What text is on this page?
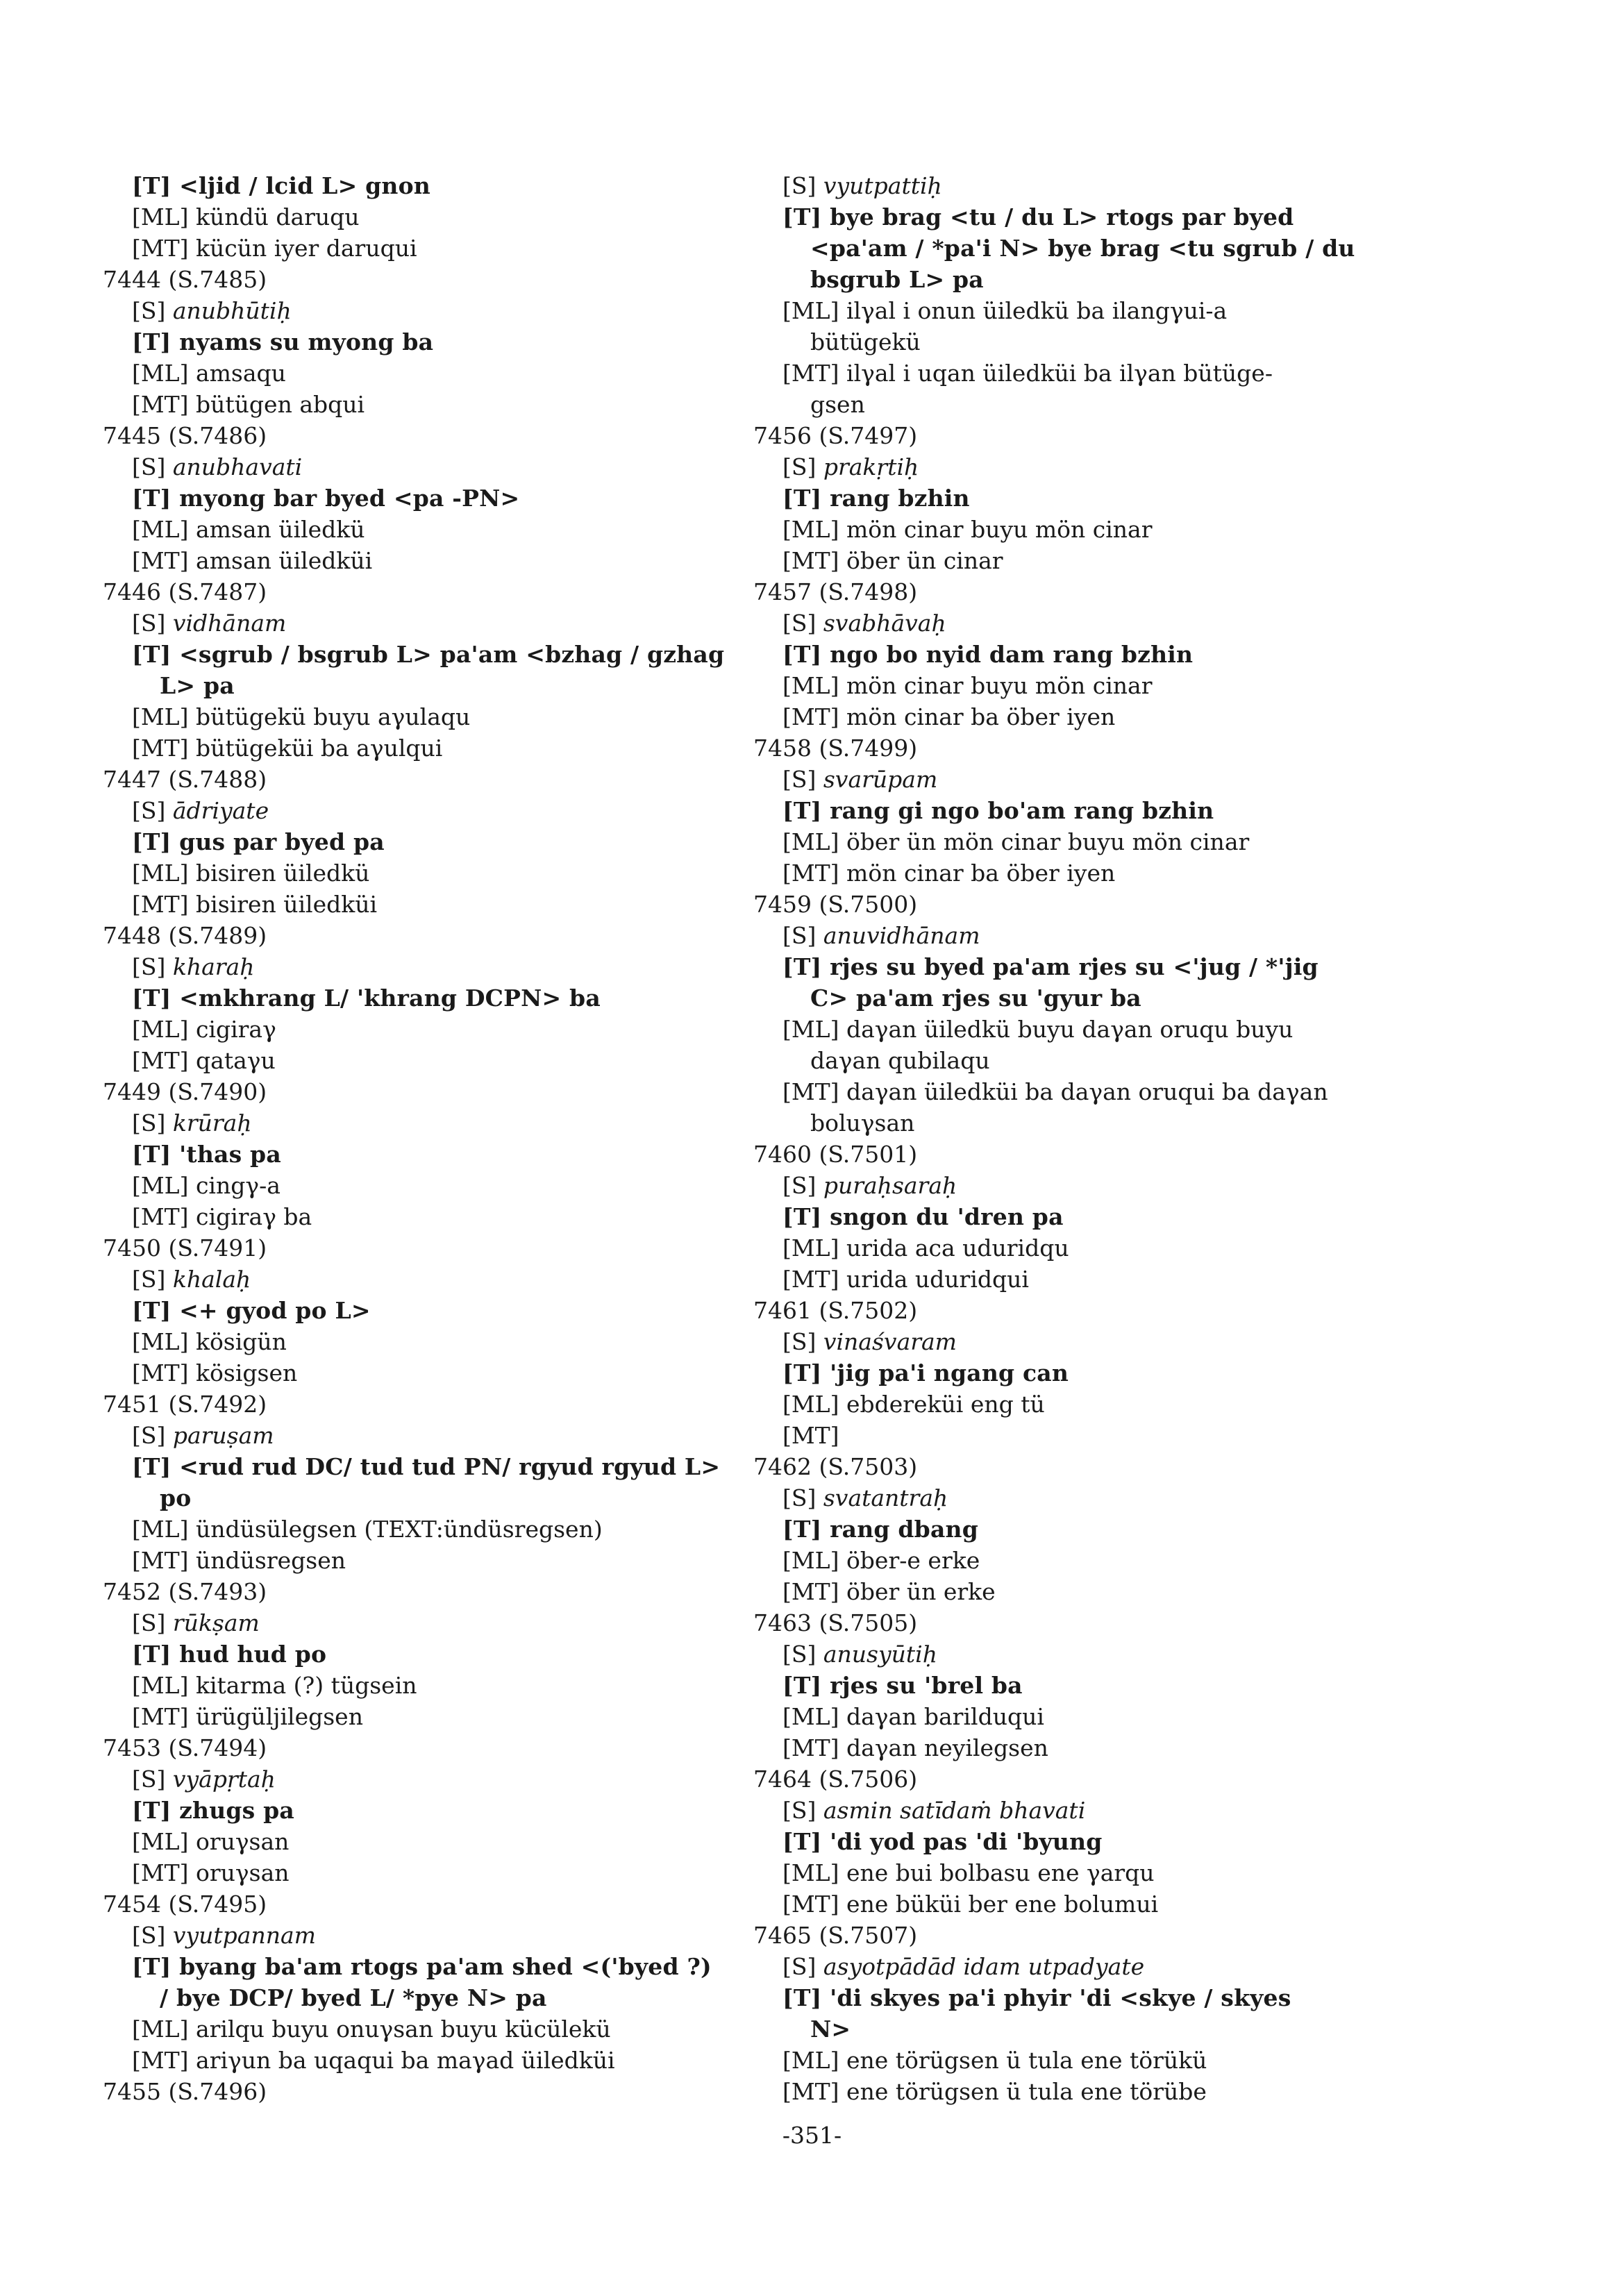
[T] <ljid / lcid L> gnon
[ML] kündü daruqu
[MT] kücün iyer daruqui
7444 (S.7485)
[S] anubhūtiḥ
[T] nyams su myong ba
[ML] amsaqu
[MT] bütügen abqui
7445 (S.7486)
[S] anubhavati
[T] myong bar byed <pa -PN>
[ML] amsan üiledkü
[MT] amsan üiledküi
7446 (S.7487)
[S] vidhānam
[T] <sgrub / bsgrub L> pa'am <bzhag / gzhag
L> pa
[ML] bütügekü buyu aγulaqu
[MT] bütügeküi ba aγulqui
7447 (S.7488)
[S] ādriyate
[T] gus par byed pa
[ML] bisiren üiledkü
[MT] bisiren üiledküi
7448 (S.7489)
[S] kharaḥ
[T] <mkhrang L/ 'khrang DCPN> ba
[ML] cigiraγ
[MT] qataγu
7449 (S.7490)
[S] krūraḥ
[T] 'thas pa
[ML] cingγ-a
[MT] cigiraγ ba
7450 (S.7491)
[S] khalaḥ
[T] <+ gyod po L>
[ML] kösigün
[MT] kösigsen
7451 (S.7492)
[S] paruṣam
[T] <rud rud DC/ tud tud PN/ rgyud rgyud L>
po
[ML] ündüsülegsen (TEXT:ündüsregsen)
[MT] ündüsregsen
7452 (S.7493)
[S] rūkṣam
[T] hud hud po
[ML] kitarma (?) tügsein
[MT] ürügüljilegsen
7453 (S.7494)
[S] vyāpṛtaḥ
[T] zhugs pa
[ML] oruγsan
[MT] oruγsan
7454 (S.7495)
[S] vyutpannam
[T] byang ba'am rtogs pa'am shed <('byed ?)
/ bye DCP/ byed L/ *pye N> pa
[ML] arilqu buyu onuγsan buyu kücülekü
[MT] ariγun ba uqaqui ba maγad üiledküi
7455 (S.7496)
[S] vyutpattiḥ
[T] bye brag <tu / du L> rtogs par byed
<pa'am / *pa'i N> bye brag <tu sgrub / du
bsgrub L> pa
[ML] ilγal i onun üiledkü ba ilangγui-a
bütügekü
[MT] ilγal i uqan üiledküi ba ilγan bütüge-
gsen
7456 (S.7497)
[S] prakṛtiḥ
[T] rang bzhin
[ML] mön cinar buyu mön cinar
[MT] öber ün cinar
7457 (S.7498)
[S] svabhāvaḥ
[T] ngo bo nyid dam rang bzhin
[ML] mön cinar buyu mön cinar
[MT] mön cinar ba öber iyen
7458 (S.7499)
[S] svarūpam
[T] rang gi ngo bo'am rang bzhin
[ML] öber ün mön cinar buyu mön cinar
[MT] mön cinar ba öber iyen
7459 (S.7500)
[S] anuvidhānam
[T] rjes su byed pa'am rjes su <'jug / *'jig
C> pa'am rjes su 'gyur ba
[ML] daγan üiledkü buyu daγan oruqu buyu
daγan qubilaqu
[MT] daγan üiledküi ba daγan oruqui ba daγan
boluγsan
7460 (S.7501)
[S] puraḥsaraḥ
[T] sngon du 'dren pa
[ML] urida aca uduridqu
[MT] urida uduridqui
7461 (S.7502)
[S] vinaśvaram
[T] 'jig pa'i ngang can
[ML] ebdereküi eng tü
[MT]
7462 (S.7503)
[S] svatantraḥ
[T] rang dbang
[ML] öber-e erke
[MT] öber ün erke
7463 (S.7505)
[S] anusyūtiḥ
[T] rjes su 'brel ba
[ML] daγan barilduqui
[MT] daγan neyilegsen
7464 (S.7506)
[S] asmin satīdaṁ bhavati
[T] 'di yod pas 'di 'byung
[ML] ene bui bolbasu ene γarqu
[MT] ene büküi ber ene bolumui
7465 (S.7507)
[S] asyotpādād idam utpadyate
[T] 'di skyes pa'i phyir 'di <skye / skyes
N>
[ML] ene törügsen ü tula ene törükü
[MT] ene törügsen ü tula ene törübe
-351-
